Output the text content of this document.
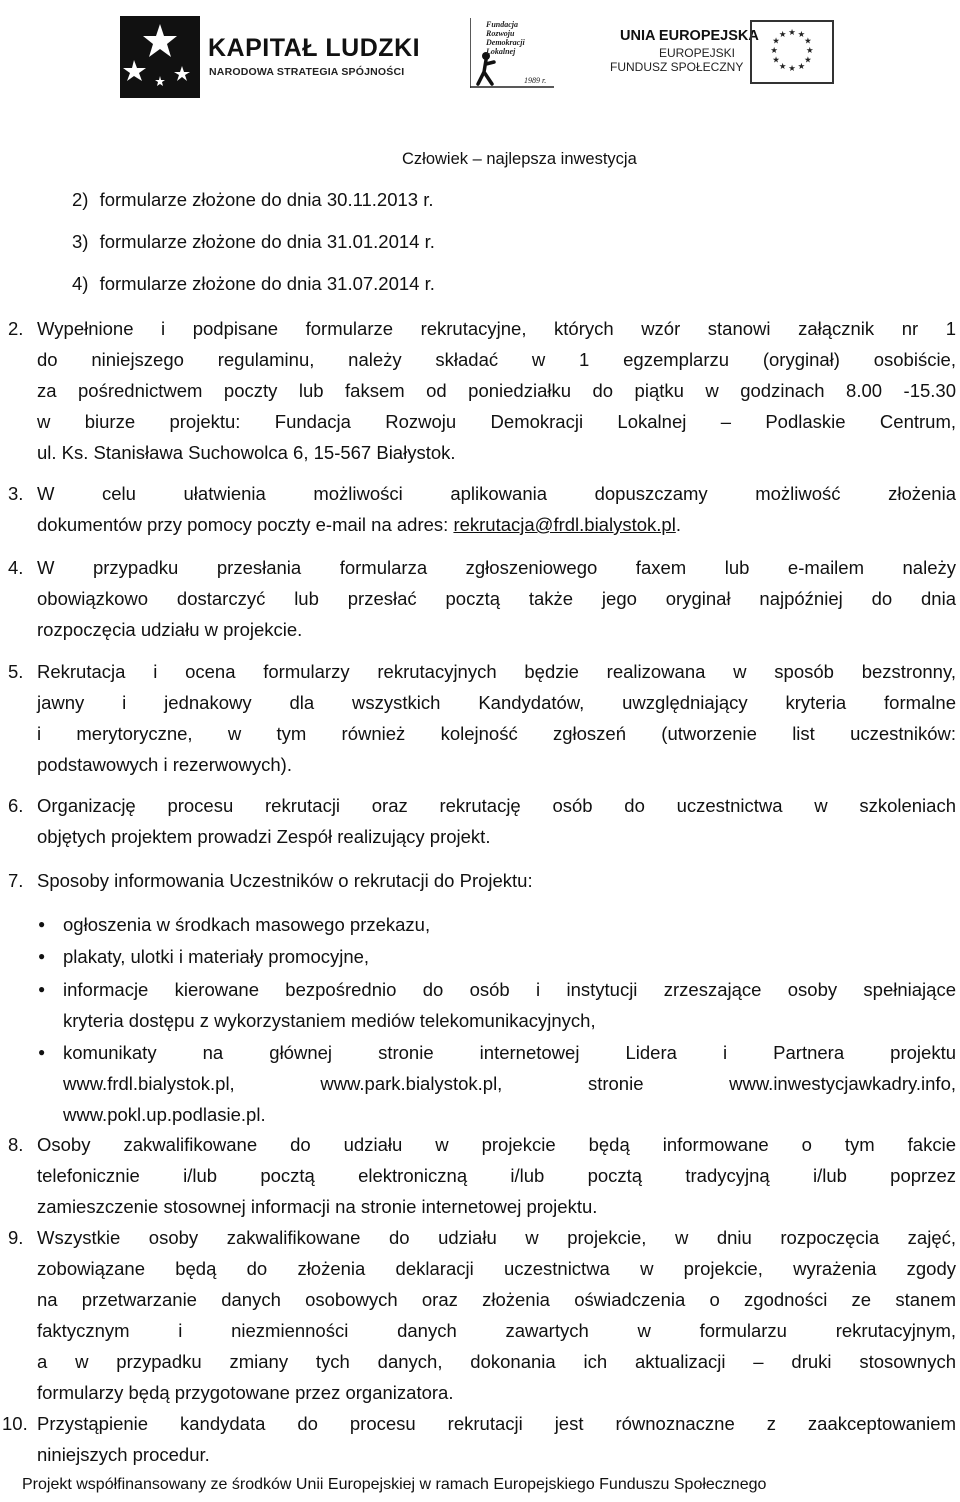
KAPITAŁ LUDZKI
NARODOWA STRATEGIA SPÓJNOŚCI
Fundacja Rozwoju Demokracji Lokalnej
1989 r.
UNIA EUROPEJSKA
EUROPEJSKI
FUNDUSZ SPOŁECZNY
★ ★
★
★
★
★
★
★
★
★
★
★
Człowiek – najlepsza inwestycja
2) formularze złożone do dnia 30.11.2013 r.
3) formularze złożone do dnia 31.01.2014 r.
4) formularze złożone do dnia 31.07.2014 r.
2. Wypełnione i podpisane formularze rekrutacyjne, których wzór stanowi załącznik nr 1
do niniejszego regulaminu, należy składać w 1 egzemplarzu (oryginał) osobiście,
za pośrednictwem poczty lub faksem od poniedziałku do piątku w godzinach 8.00 -15.30
w biurze projektu: Fundacja Rozwoju Demokracji Lokalnej – Podlaskie Centrum,
ul. Ks. Stanisława Suchowolca 6, 15-567 Białystok.
3. W celu ułatwienia możliwości aplikowania dopuszczamy możliwość złożenia
dokumentów przy pomocy poczty e-mail na adres: rekrutacja@frdl.bialystok.pl.
4. W przypadku przesłania formularza zgłoszeniowego faxem lub e-mailem należy
obowiązkowo dostarczyć lub przesłać pocztą także jego oryginał najpóźniej do dnia
rozpoczęcia udziału w projekcie.
5. Rekrutacja i ocena formularzy rekrutacyjnych będzie realizowana w sposób bezstronny,
jawny i jednakowy dla wszystkich Kandydatów, uwzględniający kryteria formalne
i merytoryczne, w tym również kolejność zgłoszeń (utworzenie list uczestników:
podstawowych i rezerwowych).
6. Organizację procesu rekrutacji oraz rekrutację osób do uczestnictwa w szkoleniach
objętych projektem prowadzi Zespół realizujący projekt.
7. Sposoby informowania Uczestników o rekrutacji do Projektu:
● ogłoszenia w środkach masowego przekazu,
● plakaty, ulotki i materiały promocyjne,
● informacje kierowane bezpośrednio do osób i instytucji zrzeszające osoby spełniające
kryteria dostępu z wykorzystaniem mediów telekomunikacyjnych,
● komunikaty na głównej stronie internetowej Lidera i Partnera projektu
www.frdl.bialystok.pl, www.park.bialystok.pl, stronie www.inwestycjawkadry.info,
www.pokl.up.podlasie.pl.
8. Osoby zakwalifikowane do udziału w projekcie będą informowane o tym fakcie
telefonicznie i/lub pocztą elektroniczną i/lub pocztą tradycyjną i/lub poprzez
zamieszczenie stosownej informacji na stronie internetowej projektu.
9. Wszystkie osoby zakwalifikowane do udziału w projekcie, w dniu rozpoczęcia zajęć,
zobowiązane będą do złożenia deklaracji uczestnictwa w projekcie, wyrażenia zgody
na przetwarzanie danych osobowych oraz złożenia oświadczenia o zgodności ze stanem
faktycznym i niezmienności danych zawartych w formularzu rekrutacyjnym,
a w przypadku zmiany tych danych, dokonania ich aktualizacji – druki stosownych
formularzy będą przygotowane przez organizatora.
10. Przystąpienie kandydata do procesu rekrutacji jest równoznaczne z zaakceptowaniem
niniejszych procedur.
Projekt współfinansowany ze środków Unii Europejskiej w ramach Europejskiego Funduszu Społecznego
